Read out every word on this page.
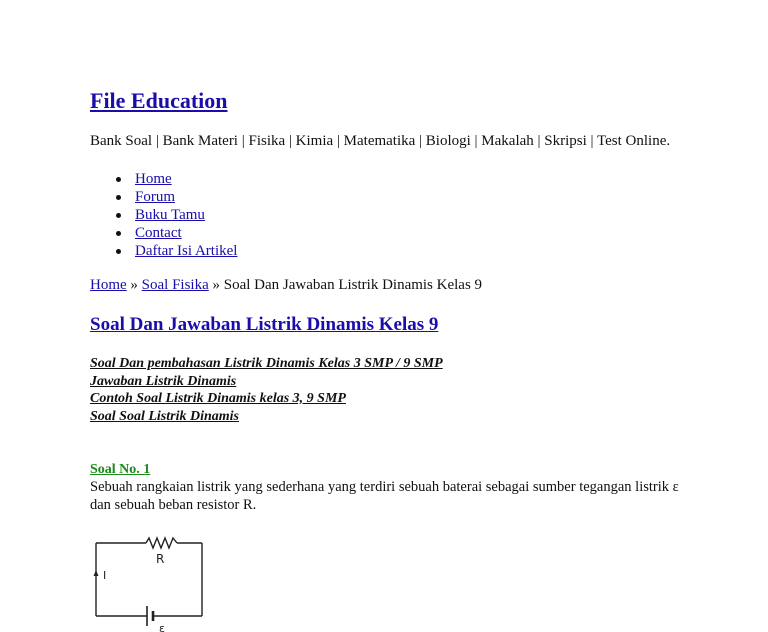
File Education
Bank Soal | Bank Materi | Fisika | Kimia | Matematika | Biologi | Makalah | Skripsi | Test Online.
Home
Forum
Buku Tamu
Contact
Daftar Isi Artikel
Home » Soal Fisika » Soal Dan Jawaban Listrik Dinamis Kelas 9
Soal Dan Jawaban Listrik Dinamis Kelas 9
Soal Dan pembahasan Listrik Dinamis Kelas 3 SMP / 9 SMP
Jawaban Listrik Dinamis
Contoh Soal Listrik Dinamis kelas 3, 9 SMP
Soal Soal Listrik Dinamis
Soal No. 1
Sebuah rangkaian listrik yang sederhana yang terdiri sebuah baterai sebagai sumber tegangan listrik ε dan sebuah beban resistor R.
R
I
ε
